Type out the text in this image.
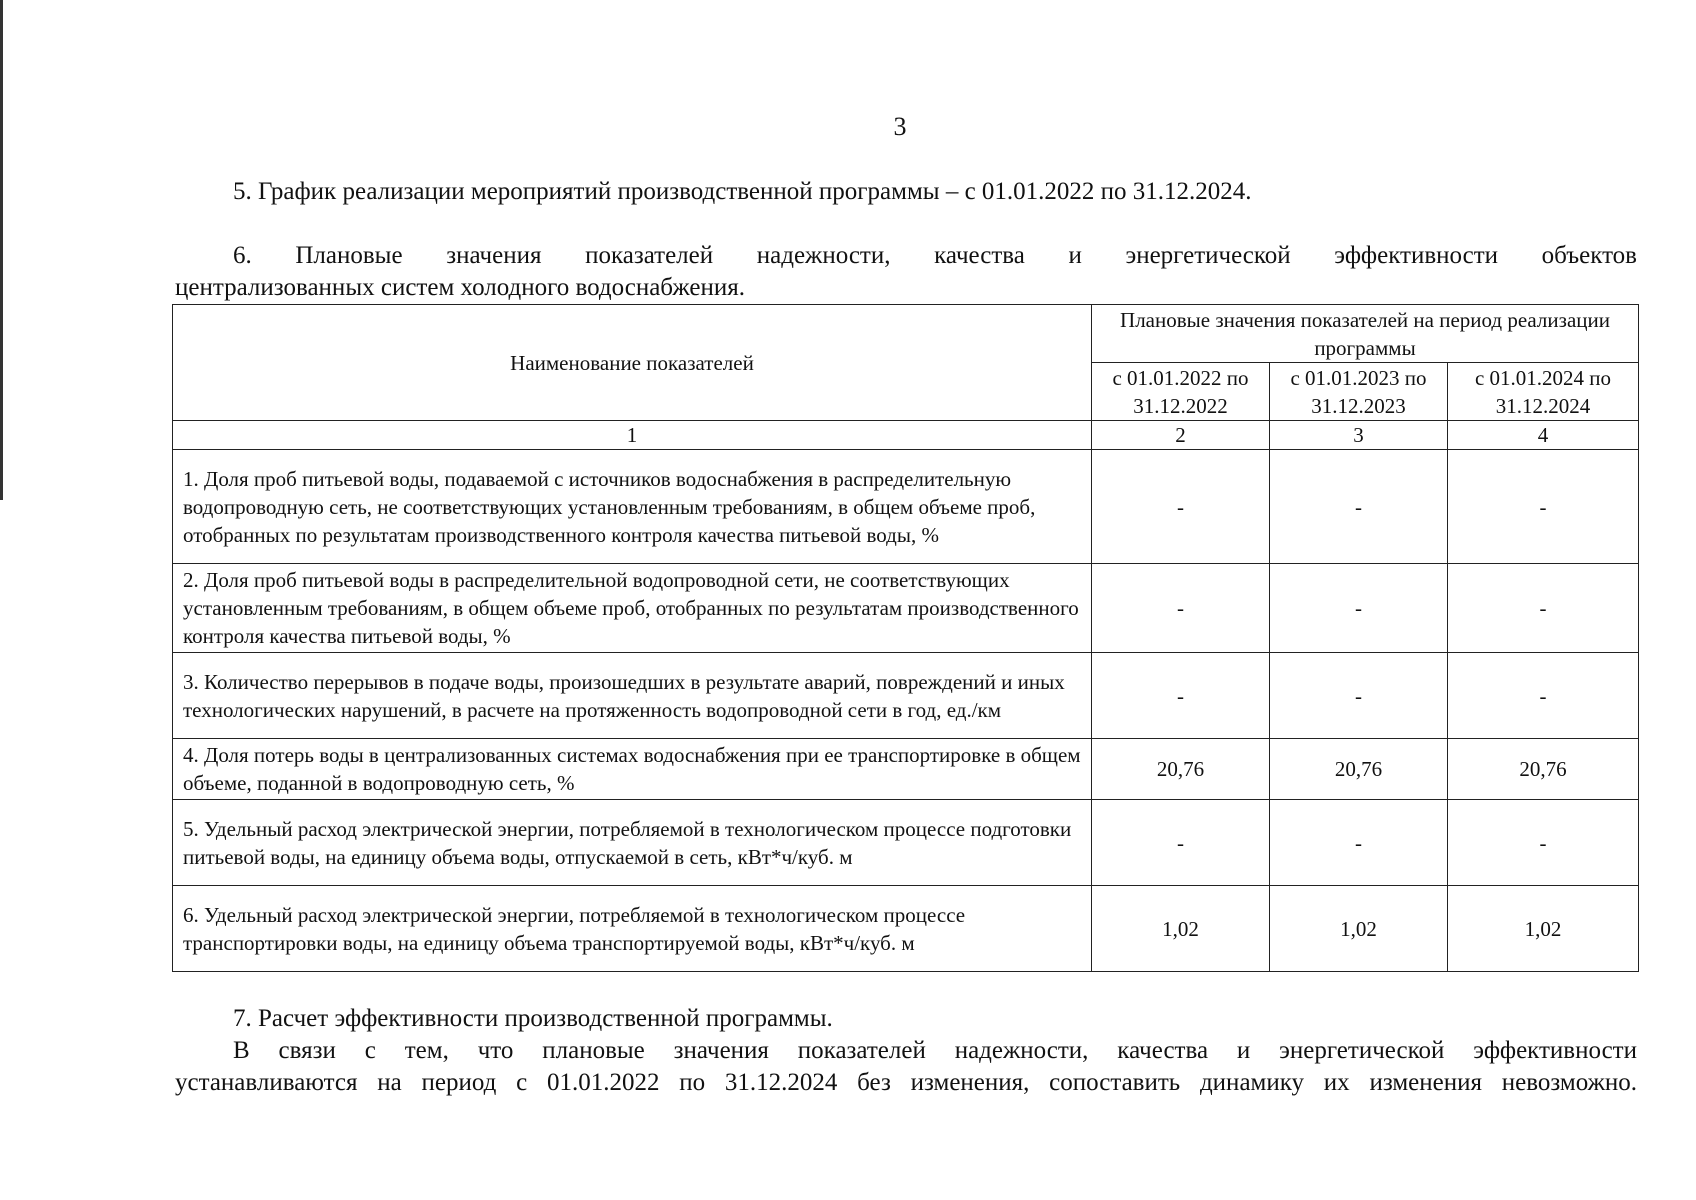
3
5. График реализации мероприятий производственной программы – с 01.01.2022 по 31.12.2024.
6. Плановые значения показателей надежности, качества и энергетической эффективности объектов
централизованных систем холодного водоснабжения.
Наименование показателей	Плановые значения показателей на период реализации программы		
	с 01.01.2022 по 31.12.2022	с 01.01.2023 по 31.12.2023	с 01.01.2024 по 31.12.2024
1	2	3	4
1. Доля проб питьевой воды, подаваемой с источников водоснабжения в распределительную водопроводную сеть, не соответствующих установленным требованиям, в общем объеме проб, отобранных по результатам производственного контроля качества питьевой воды, %	-	-	-
2. Доля проб питьевой воды в распределительной водопроводной сети, не соответствующих установленным требованиям, в общем объеме проб, отобранных по результатам производственного контроля качества питьевой воды, %	-	-	-
3. Количество перерывов в подаче воды, произошедших в результате аварий, повреждений и иных технологических нарушений, в расчете на протяженность водопроводной сети в год, ед./км	-	-	-
4. Доля потерь воды в централизованных системах водоснабжения при ее транспортировке в общем объеме, поданной в водопроводную сеть, %	20,76	20,76	20,76
5. Удельный расход электрической энергии, потребляемой в технологическом процессе подготовки питьевой воды, на единицу объема воды, отпускаемой в сеть, кВт*ч/куб. м	-	-	-
6. Удельный расход электрической энергии, потребляемой в технологическом процессе транспортировки воды, на единицу объема транспортируемой воды, кВт*ч/куб. м	1,02	1,02	1,02
7. Расчет эффективности производственной программы.
В связи с тем, что плановые значения показателей надежности, качества и энергетической эффективности
устанавливаются на период с 01.01.2022 по 31.12.2024 без изменения, сопоставить динамику их изменения невозможно.
